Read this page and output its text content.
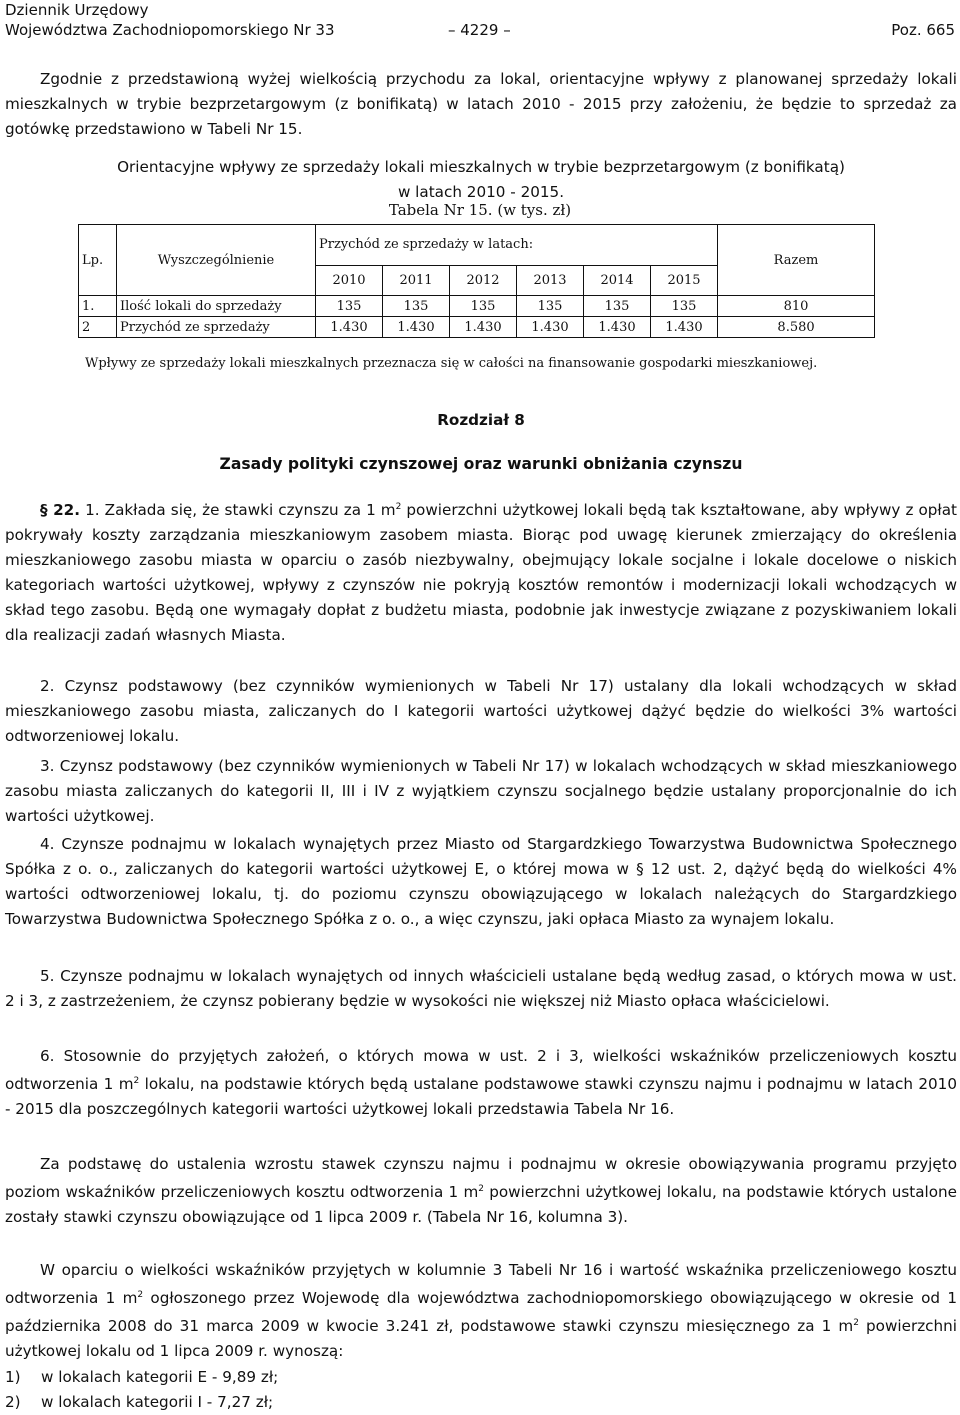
Dziennik Urzędowy
Województwa Zachodniopomorskiego Nr 33	– 4229 –	Poz. 665
Zgodnie z przedstawioną wyżej wielkością przychodu za lokal, orientacyjne wpływy z planowanej sprzedaży lokali mieszkalnych w trybie bezprzetargowym (z bonifikatą) w latach 2010 - 2015 przy założeniu, że będzie to sprzedaż za gotówkę przedstawiono w Tabeli Nr 15.
Orientacyjne wpływy ze sprzedaży lokali mieszkalnych w trybie bezprzetargowym (z bonifikatą)
w latach 2010 - 2015.
Tabela Nr 15. (w tys. zł)
Lp.	Wyszczególnienie	Przychód ze sprzedaży w latach:						Razem
		2010	2011	2012	2013	2014	2015	
1.	Ilość lokali do sprzedaży	135	135	135	135	135	135	810
2	Przychód ze sprzedaży	1.430	1.430	1.430	1.430	1.430	1.430	8.580
Wpływy ze sprzedaży lokali mieszkalnych przeznacza się w całości na finansowanie gospodarki mieszkaniowej.
Rozdział 8
Zasady polityki czynszowej oraz warunki obniżania czynszu
§ 22. 1. Zakłada się, że stawki czynszu za 1 $m^2$ powierzchni użytkowej lokali będą tak kształtowane, aby wpływy z opłat pokrywały koszty zarządzania mieszkaniowym zasobem miasta. Biorąc pod uwagę kierunek zmierzający do określenia mieszkaniowego zasobu miasta w oparciu o zasób niezbywalny, obejmujący lokale socjalne i lokale docelowe o niskich kategoriach wartości użytkowej, wpływy z czynszów nie pokryją kosztów remontów i modernizacji lokali wchodzących w skład tego zasobu. Będą one wymagały dopłat z budżetu miasta, podobnie jak inwestycje związane z pozyskiwaniem lokali dla realizacji zadań własnych Miasta.
2. Czynsz podstawowy (bez czynników wymienionych w Tabeli Nr 17) ustalany dla lokali wchodzących w skład mieszkaniowego zasobu miasta, zaliczanych do I kategorii wartości użytkowej dążyć będzie do wielkości 3% wartości odtworzeniowej lokalu.
3. Czynsz podstawowy (bez czynników wymienionych w Tabeli Nr 17) w lokalach wchodzących w skład mieszkaniowego zasobu miasta zaliczanych do kategorii II, III i IV z wyjątkiem czynszu socjalnego będzie ustalany proporcjonalnie do ich wartości użytkowej.
4. Czynsze podnajmu w lokalach wynajętych przez Miasto od Stargardzkiego Towarzystwa Budownictwa Społecznego Spółka z o. o., zaliczanych do kategorii wartości użytkowej E, o której mowa w § 12 ust. 2, dążyć będą do wielkości 4% wartości odtworzeniowej lokalu, tj. do poziomu czynszu obowiązującego w lokalach należących do Stargardzkiego Towarzystwa Budownictwa Społecznego Spółka z o. o., a więc czynszu, jaki opłaca Miasto za wynajem lokalu.
5. Czynsze podnajmu w lokalach wynajętych od innych właścicieli ustalane będą według zasad, o których mowa w ust. 2 i 3, z zastrzeżeniem, że czynsz pobierany będzie w wysokości nie większej niż Miasto opłaca właścicielowi.
6. Stosownie do przyjętych założeń, o których mowa w ust. 2 i 3, wielkości wskaźników przeliczeniowych kosztu odtworzenia 1 $m^2$ lokalu, na podstawie których będą ustalane podstawowe stawki czynszu najmu i podnajmu w latach 2010 - 2015 dla poszczególnych kategorii wartości użytkowej lokali przedstawia Tabela Nr 16.
Za podstawę do ustalenia wzrostu stawek czynszu najmu i podnajmu w okresie obowiązywania programu przyjęto poziom wskaźników przeliczeniowych kosztu odtworzenia 1 $m^2$ powierzchni użytkowej lokalu, na podstawie których ustalone zostały stawki czynszu obowiązujące od 1 lipca 2009 r. (Tabela Nr 16, kolumna 3).
W oparciu o wielkości wskaźników przyjętych w kolumnie 3 Tabeli Nr 16 i wartość wskaźnika przeliczeniowego kosztu odtworzenia 1 $m^2$ ogłoszonego przez Wojewodę dla województwa zachodniopomorskiego obowiązującego w okresie od 1 października 2008 do 31 marca 2009 w kwocie 3.241 zł, podstawowe stawki czynszu miesięcznego za 1 $m^2$ powierzchni użytkowej lokalu od 1 lipca 2009 r. wynoszą:
1) w lokalach kategorii E - 9,89 zł;
2) w lokalach kategorii I - 7,27 zł;
